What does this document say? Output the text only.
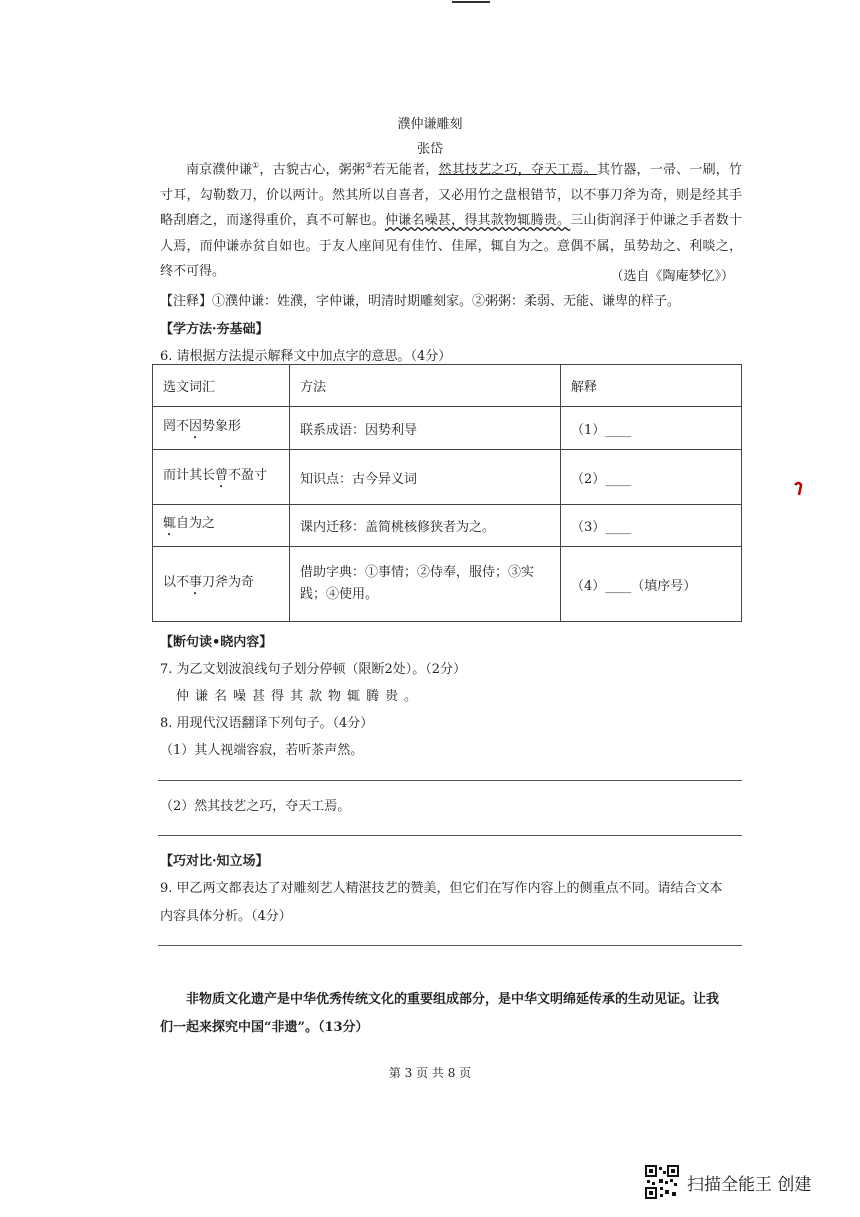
濮仲谦雕刻
张岱

南京濮仲谦①，古貌古心，粥粥②若无能者，然其技艺之巧，夺天工焉。其竹器，一帚、一刷，竹寸耳，勾勒数刀，价以两计。然其所以自喜者，又必用竹之盘根错节，以不事刀斧为奇，则是经其手略刮磨之，而遂得重价，真不可解也。仲谦名噪甚，得其款物辄腾贵。三山街润泽于仲谦之手者数十人焉，而仲谦赤贫自如也。于友人座间见有佳竹、佳犀，辄自为之。意偶不属，虽势劫之、利啖之，终不可得。	（选自《陶庵梦忆》）
【注释】①濮仲谦：姓濮，字仲谦，明清时期雕刻家。②粥粥：柔弱、无能、谦卑的样子。
【学方法·夯基础】
6. 请根据方法提示解释文中加点字的意思。（4分）
选文词汇	方法	解释
罔不因势象形	联系成语：因势利导	（1）____
而计其长曾不盈寸	知识点：古今异义词	（2）____
辄自为之	课内迁移：盖简桃核修狭者为之。	（3）____
以不事刀斧为奇	借助字典：①事情；②侍奉，服侍；③实践；④使用。	（4）____（填序号）
【断句读•晓内容】
7. 为乙文划波浪线句子划分停顿（限断2处）。（2分）
仲谦名噪甚得其款物辄腾贵。
8. 用现代汉语翻译下列句子。（4分）
（1）其人视端容寂，若听茶声然。
（2）然其技艺之巧，夺天工焉。
【巧对比·知立场】
9. 甲乙两文都表达了对雕刻艺人精湛技艺的赞美，但它们在写作内容上的侧重点不同。请结合文本
内容具体分析。（4分）
非物质文化遗产是中华优秀传统文化的重要组成部分，是中华文明绵延传承的生动见证。让我
们一起来探究中国“非遗”。（13分）
第 3 页 共 8 页
扫描全能王 创建
